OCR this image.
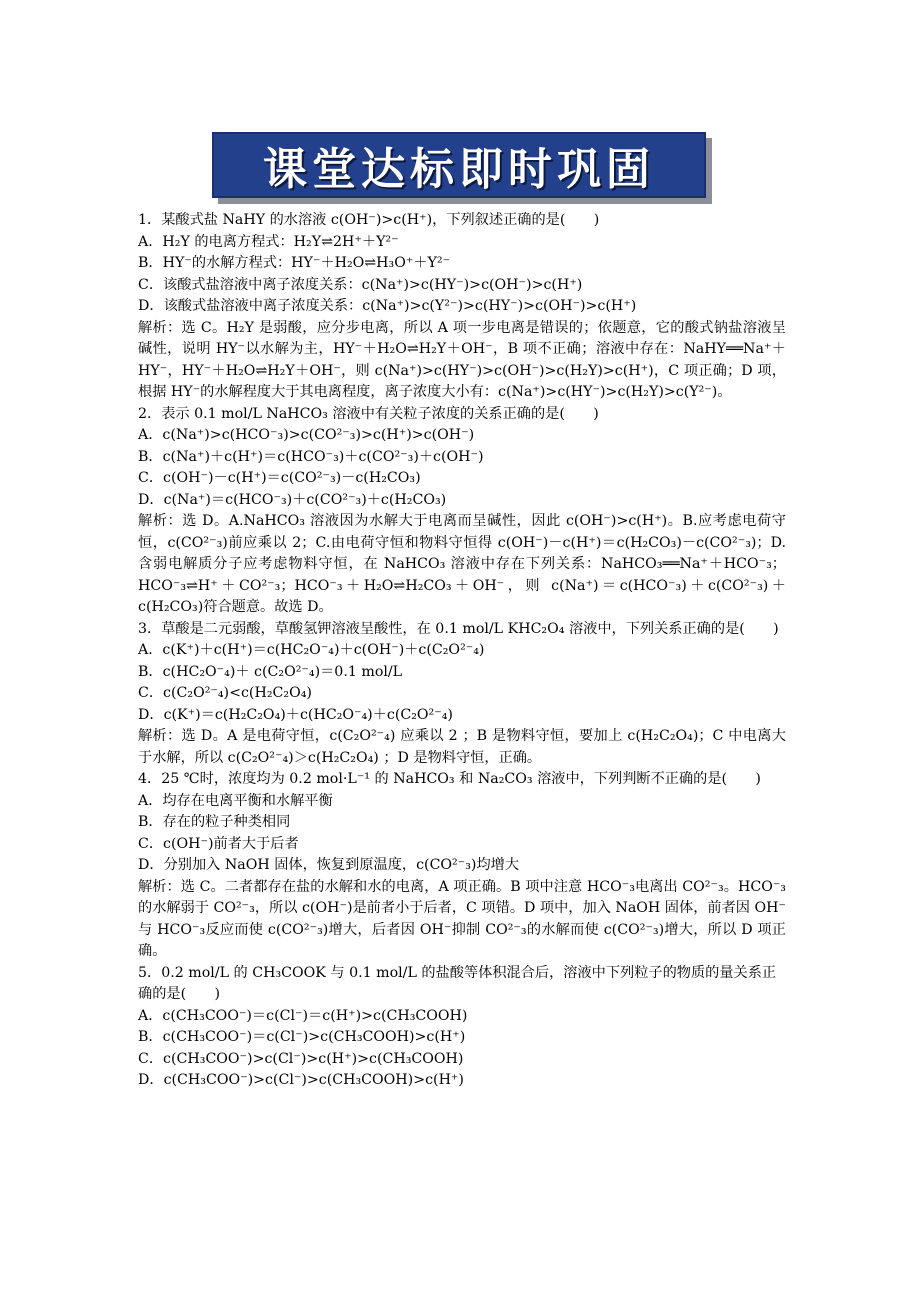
课堂达标即时巩固

1．某酸式盐 NaHY 的水溶液 c(OH⁻)>c(H⁺)，下列叙述正确的是(　　)

A．H₂Y 的电离方程式：H₂Y⇌2H⁺＋Y²⁻

B．HY⁻的水解方程式：HY⁻＋H₂O⇌H₃O⁺＋Y²⁻

C．该酸式盐溶液中离子浓度关系：c(Na⁺)>c(HY⁻)>c(OH⁻)>c(H⁺)

D．该酸式盐溶液中离子浓度关系：c(Na⁺)>c(Y²⁻)>c(HY⁻)>c(OH⁻)>c(H⁺)

解析：选 C。H₂Y 是弱酸，应分步电离，所以 A 项一步电离是错误的；依题意，它的酸式钠盐溶液呈碱性，说明 HY⁻以水解为主，HY⁻＋H₂O⇌H₂Y＋OH⁻，B 项不正确；溶液中存在：NaHY══Na⁺＋HY⁻，HY⁻＋H₂O⇌H₂Y＋OH⁻，则 c(Na⁺)>c(HY⁻)>c(OH⁻)>c(H₂Y)>c(H⁺)，C 项正确；D 项，根据 HY⁻的水解程度大于其电离程度，离子浓度大小有：c(Na⁺)>c(HY⁻)>c(H₂Y)>c(Y²⁻)。

2．表示 0.1 mol/L NaHCO₃ 溶液中有关粒子浓度的关系正确的是(　　)

A．c(Na⁺)>c(HCO⁻₃)>c(CO²⁻₃)>c(H⁺)>c(OH⁻)

B．c(Na⁺)＋c(H⁺)＝c(HCO⁻₃)＋c(CO²⁻₃)＋c(OH⁻)

C．c(OH⁻)－c(H⁺)＝c(CO²⁻₃)－c(H₂CO₃)

D．c(Na⁺)＝c(HCO⁻₃)＋c(CO²⁻₃)＋c(H₂CO₃)

解析：选 D。A.NaHCO₃ 溶液因为水解大于电离而呈碱性，因此 c(OH⁻)>c(H⁺)。B.应考虑电荷守恒，c(CO²⁻₃)前应乘以 2；C.由电荷守恒和物料守恒得 c(OH⁻)－c(H⁺)＝c(H₂CO₃)－c(CO²⁻₃)；D.含弱电解质分子应考虑物料守恒，在 NaHCO₃ 溶液中存在下列关系：NaHCO₃══Na⁺＋HCO⁻₃；HCO⁻₃⇌H⁺＋CO²⁻₃；HCO⁻₃＋H₂O⇌H₂CO₃＋OH⁻，则 c(Na⁺)＝c(HCO⁻₃)＋c(CO²⁻₃)＋c(H₂CO₃)符合题意。故选 D。

3．草酸是二元弱酸，草酸氢钾溶液呈酸性，在 0.1 mol/L KHC₂O₄ 溶液中，下列关系正确的是(　　)

A．c(K⁺)＋c(H⁺)＝c(HC₂O⁻₄)＋c(OH⁻)＋c(C₂O²⁻₄)

B．c(HC₂O⁻₄)＋ c(C₂O²⁻₄)＝0.1 mol/L

C．c(C₂O²⁻₄)<c(H₂C₂O₄)

D．c(K⁺)＝c(H₂C₂O₄)＋c(HC₂O⁻₄)＋c(C₂O²⁻₄)

解析：选 D。A 是电荷守恒，c(C₂O²⁻₄) 应乘以 2 ；B 是物料守恒，要加上 c(H₂C₂O₄)；C 中电离大于水解，所以 c(C₂O²⁻₄)＞c(H₂C₂O₄) ；D 是物料守恒，正确。

4．25 ℃时，浓度均为 0.2 mol·L⁻¹ 的 NaHCO₃ 和 Na₂CO₃ 溶液中，下列判断不正确的是(　　)

A．均存在电离平衡和水解平衡

B．存在的粒子种类相同

C．c(OH⁻)前者大于后者

D．分别加入 NaOH 固体，恢复到原温度，c(CO²⁻₃)均增大

解析：选 C。二者都存在盐的水解和水的电离，A 项正确。B 项中注意 HCO⁻₃电离出 CO²⁻₃。HCO⁻₃的水解弱于 CO²⁻₃，所以 c(OH⁻)是前者小于后者，C 项错。D 项中，加入 NaOH 固体，前者因 OH⁻与 HCO⁻₃反应而使 c(CO²⁻₃)增大，后者因 OH⁻抑制 CO²⁻₃的水解而使 c(CO²⁻₃)增大，所以 D 项正确。

5．0.2 mol/L 的 CH₃COOK 与 0.1 mol/L 的盐酸等体积混合后，溶液中下列粒子的物质的量关系正确的是(　　)

A．c(CH₃COO⁻)＝c(Cl⁻)＝c(H⁺)>c(CH₃COOH)

B．c(CH₃COO⁻)＝c(Cl⁻)>c(CH₃COOH)>c(H⁺)

C．c(CH₃COO⁻)>c(Cl⁻)>c(H⁺)>c(CH₃COOH)

D．c(CH₃COO⁻)>c(Cl⁻)>c(CH₃COOH)>c(H⁺)
